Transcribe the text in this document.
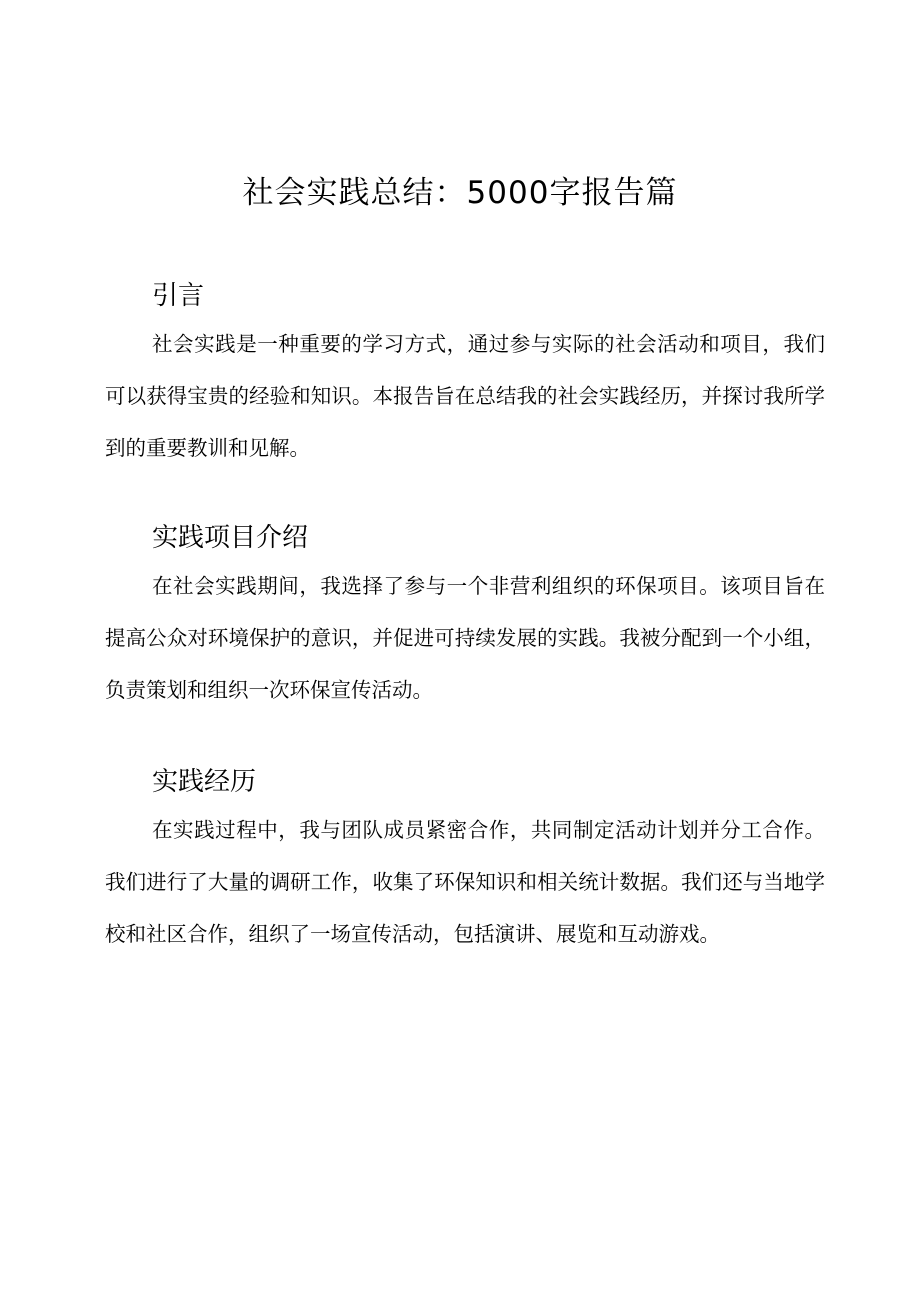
社会实践总结：5000字报告篇
引言

社会实践是一种重要的学习方式，通过参与实际的社会活动和项目，我们可以获得宝贵的经验和知识。本报告旨在总结我的社会实践经历，并探讨我所学到的重要教训和见解。

实践项目介绍

在社会实践期间，我选择了参与一个非营利组织的环保项目。该项目旨在提高公众对环境保护的意识，并促进可持续发展的实践。我被分配到一个小组，负责策划和组织一次环保宣传活动。

实践经历

在实践过程中，我与团队成员紧密合作，共同制定活动计划并分工合作。我们进行了大量的调研工作，收集了环保知识和相关统计数据。我们还与当地学校和社区合作，组织了一场宣传活动，包括演讲、展览和互动游戏。
